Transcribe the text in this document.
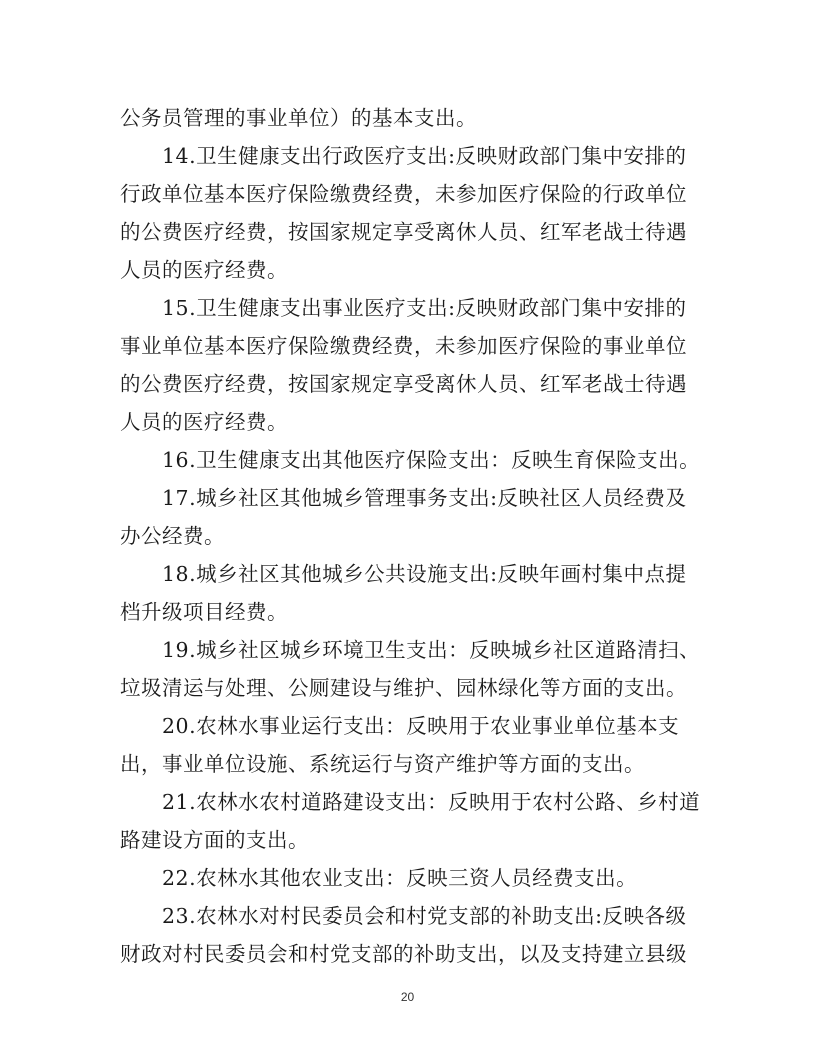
公务员管理的事业单位）的基本支出。
14.卫生健康支出行政医疗支出:反映财政部门集中安排的
行政单位基本医疗保险缴费经费，未参加医疗保险的行政单位
的公费医疗经费，按国家规定享受离休人员、红军老战士待遇
人员的医疗经费。
15.卫生健康支出事业医疗支出:反映财政部门集中安排的
事业单位基本医疗保险缴费经费，未参加医疗保险的事业单位
的公费医疗经费，按国家规定享受离休人员、红军老战士待遇
人员的医疗经费。
16.卫生健康支出其他医疗保险支出：反映生育保险支出。
17.城乡社区其他城乡管理事务支出:反映社区人员经费及
办公经费。
18.城乡社区其他城乡公共设施支出:反映年画村集中点提
档升级项目经费。
19.城乡社区城乡环境卫生支出：反映城乡社区道路清扫、
垃圾清运与处理、公厕建设与维护、园林绿化等方面的支出。
20.农林水事业运行支出：反映用于农业事业单位基本支
出，事业单位设施、系统运行与资产维护等方面的支出。
21.农林水农村道路建设支出：反映用于农村公路、乡村道
路建设方面的支出。
22.农林水其他农业支出：反映三资人员经费支出。
23.农林水对村民委员会和村党支部的补助支出:反映各级
财政对村民委员会和村党支部的补助支出，以及支持建立县级
20
